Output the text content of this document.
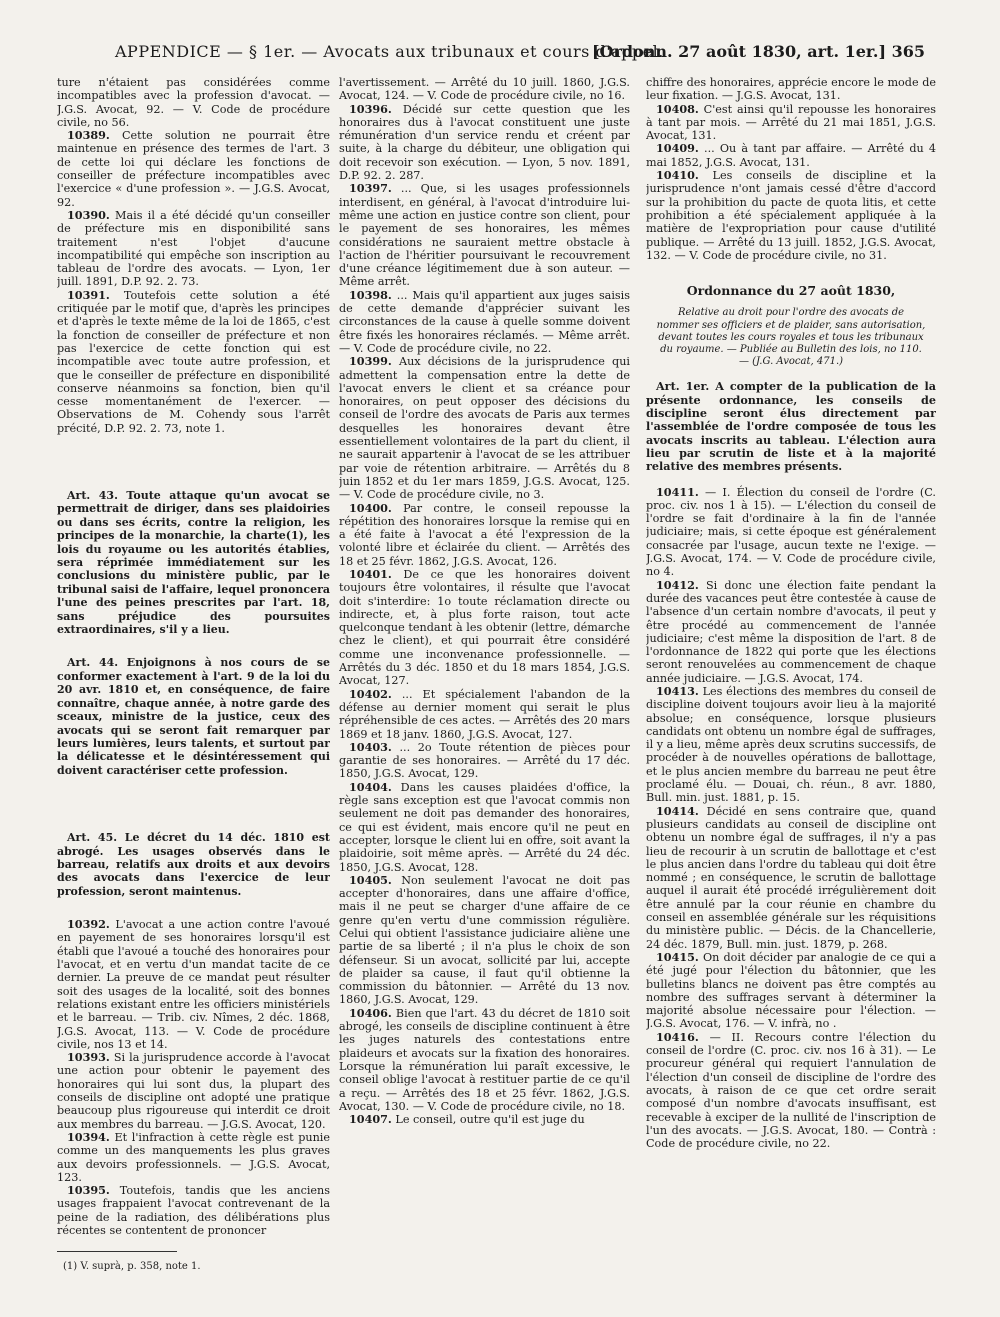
APPENDICE — § 1er. — Avocats aux tribunaux et cours d'appel.
[Ordonn. 27 août 1830, art. 1er.] 365

ture n'étaient pas considérées comme incompatibles avec la profession d'avocat. — J.G.S. Avocat, 92. — V. Code de procédure civile, no 56.

10389. Cette solution ne pourrait être maintenue en présence des termes de l'art. 3 de cette loi qui déclare les fonctions de conseiller de préfecture incompatibles avec l'exercice « d'une profession ». — J.G.S. Avocat, 92.

10390. Mais il a été décidé qu'un conseiller de préfecture mis en disponibilité sans traitement n'est l'objet d'aucune incompatibilité qui empêche son inscription au tableau de l'ordre des avocats. — Lyon, 1er juill. 1891, D.P. 92. 2. 73.

10391. Toutefois cette solution a été critiquée par le motif que, d'après les principes et d'après le texte même de la loi de 1865, c'est la fonction de conseiller de préfecture et non pas l'exercice de cette fonction qui est incompatible avec toute autre profession, et que le conseiller de préfecture en disponibilité conserve néanmoins sa fonction, bien qu'il cesse momentanément de l'exercer. — Observations de M. Cohendy sous l'arrêt précité, D.P. 92. 2. 73, note 1.

Art. 43. Toute attaque qu'un avocat se permettrait de diriger, dans ses plaidoiries ou dans ses écrits, contre la religion, les principes de la monarchie, la charte(1), les lois du royaume ou les autorités établies, sera réprimée immédiatement sur les conclusions du ministère public, par le tribunal saisi de l'affaire, lequel prononcera l'une des peines prescrites par l'art. 18, sans préjudice des poursuites extraordinaires, s'il y a lieu.

Art. 44. Enjoignons à nos cours de se conformer exactement à l'art. 9 de la loi du 20 avr. 1810 et, en conséquence, de faire connaître, chaque année, à notre garde des sceaux, ministre de la justice, ceux des avocats qui se seront fait remarquer par leurs lumières, leurs talents, et surtout par la délicatesse et le désintéressement qui doivent caractériser cette profession.

Art. 45. Le décret du 14 déc. 1810 est abrogé. Les usages observés dans le barreau, relatifs aux droits et aux devoirs des avocats dans l'exercice de leur profession, seront maintenus.

10392. L'avocat a une action contre l'avoué en payement de ses honoraires lorsqu'il est établi que l'avoué a touché des honoraires pour l'avocat, et en vertu d'un mandat tacite de ce dernier. La preuve de ce mandat peut résulter soit des usages de la localité, soit des bonnes relations existant entre les officiers ministériels et le barreau. — Trib. civ. Nîmes, 2 déc. 1868, J.G.S. Avocat, 113. — V. Code de procédure civile, nos 13 et 14.

10393. Si la jurisprudence accorde à l'avocat une action pour obtenir le payement des honoraires qui lui sont dus, la plupart des conseils de discipline ont adopté une pratique beaucoup plus rigoureuse qui interdit ce droit aux membres du barreau. — J.G.S. Avocat, 120.

10394. Et l'infraction à cette règle est punie comme un des manquements les plus graves aux devoirs professionnels. — J.G.S. Avocat, 123.

10395. Toutefois, tandis que les anciens usages frappaient l'avocat contrevenant de la peine de la radiation, des délibérations plus récentes se contentent de prononcer

(1) V. suprà, p. 358, note 1.

l'avertissement. — Arrêté du 10 juill. 1860, J.G.S. Avocat, 124. — V. Code de procédure civile, no 16.

10396. Décidé sur cette question que les honoraires dus à l'avocat constituent une juste rémunération d'un service rendu et créent par suite, à la charge du débiteur, une obligation qui doit recevoir son exécution. — Lyon, 5 nov. 1891, D.P. 92. 2. 287.

10397. ... Que, si les usages professionnels interdisent, en général, à l'avocat d'introduire lui-même une action en justice contre son client, pour le payement de ses honoraires, les mêmes considérations ne sauraient mettre obstacle à l'action de l'héritier poursuivant le recouvrement d'une créance légitimement due à son auteur. — Même arrêt.

10398. ... Mais qu'il appartient aux juges saisis de cette demande d'apprécier suivant les circonstances de la cause à quelle somme doivent être fixés les honoraires réclamés. — Même arrêt. — V. Code de procédure civile, no 22.

10399. Aux décisions de la jurisprudence qui admettent la compensation entre la dette de l'avocat envers le client et sa créance pour honoraires, on peut opposer des décisions du conseil de l'ordre des avocats de Paris aux termes desquelles les honoraires devant être essentiellement volontaires de la part du client, il ne saurait appartenir à l'avocat de se les attribuer par voie de rétention arbitraire. — Arrêtés du 8 juin 1852 et du 1er mars 1859, J.G.S. Avocat, 125. — V. Code de procédure civile, no 3.

10400. Par contre, le conseil repousse la répétition des honoraires lorsque la remise qui en a été faite à l'avocat a été l'expression de la volonté libre et éclairée du client. — Arrêtés des 18 et 25 févr. 1862, J.G.S. Avocat, 126.

10401. De ce que les honoraires doivent toujours être volontaires, il résulte que l'avocat doit s'interdire: 1o toute réclamation directe ou indirecte, et, à plus forte raison, tout acte quelconque tendant à les obtenir (lettre, démarche chez le client), et qui pourrait être considéré comme une inconvenance professionnelle. — Arrêtés du 3 déc. 1850 et du 18 mars 1854, J.G.S. Avocat, 127.

10402. ... Et spécialement l'abandon de la défense au dernier moment qui serait le plus répréhensible de ces actes. — Arrêtés des 20 mars 1869 et 18 janv. 1860, J.G.S. Avocat, 127.

10403. ... 2o Toute rétention de pièces pour garantie de ses honoraires. — Arrêté du 17 déc. 1850, J.G.S. Avocat, 129.

10404. Dans les causes plaidées d'office, la règle sans exception est que l'avocat commis non seulement ne doit pas demander des honoraires, ce qui est évident, mais encore qu'il ne peut en accepter, lorsque le client lui en offre, soit avant la plaidoirie, soit même après. — Arrêté du 24 déc. 1850, J.G.S. Avocat, 128.

10405. Non seulement l'avocat ne doit pas accepter d'honoraires, dans une affaire d'office, mais il ne peut se charger d'une affaire de ce genre qu'en vertu d'une commission régulière. Celui qui obtient l'assistance judiciaire aliène une partie de sa liberté ; il n'a plus le choix de son défenseur. Si un avocat, sollicité par lui, accepte de plaider sa cause, il faut qu'il obtienne la commission du bâtonnier. — Arrêté du 13 nov. 1860, J.G.S. Avocat, 129.

10406. Bien que l'art. 43 du décret de 1810 soit abrogé, les conseils de discipline continuent à être les juges naturels des contestations entre plaideurs et avocats sur la fixation des honoraires. Lorsque la rémunération lui paraît excessive, le conseil oblige l'avocat à restituer partie de ce qu'il a reçu. — Arrêtés des 18 et 25 févr. 1862, J.G.S. Avocat, 130. — V. Code de procédure civile, no 18.

10407. Le conseil, outre qu'il est juge du

chiffre des honoraires, apprécie encore le mode de leur fixation. — J.G.S. Avocat, 131.

10408. C'est ainsi qu'il repousse les honoraires à tant par mois. — Arrêté du 21 mai 1851, J.G.S. Avocat, 131.

10409. ... Ou à tant par affaire. — Arrêté du 4 mai 1852, J.G.S. Avocat, 131.

10410. Les conseils de discipline et la jurisprudence n'ont jamais cessé d'être d'accord sur la prohibition du pacte de quota litis, et cette prohibition a été spécialement appliquée à la matière de l'expropriation pour cause d'utilité publique. — Arrêté du 13 juill. 1852, J.G.S. Avocat, 132. — V. Code de procédure civile, no 31.

Ordonnance du 27 août 1830,

Relative au droit pour l'ordre des avocats de nommer ses officiers et de plaider, sans autorisation, devant toutes les cours royales et tous les tribunaux du royaume. — Publiée au Bulletin des lois, no 110. — (J.G. Avocat, 471.)

Art. 1er. A compter de la publication de la présente ordonnance, les conseils de discipline seront élus directement par l'assemblée de l'ordre composée de tous les avocats inscrits au tableau. L'élection aura lieu par scrutin de liste et à la majorité relative des membres présents.

10411. — I. Élection du conseil de l'ordre (C. proc. civ. nos 1 à 15). — L'élection du conseil de l'ordre se fait d'ordinaire à la fin de l'année judiciaire; mais, si cette époque est généralement consacrée par l'usage, aucun texte ne l'exige. — J.G.S. Avocat, 174. — V. Code de procédure civile, no 4.

10412. Si donc une élection faite pendant la durée des vacances peut être contestée à cause de l'absence d'un certain nombre d'avocats, il peut y être procédé au commencement de l'année judiciaire; c'est même la disposition de l'art. 8 de l'ordonnance de 1822 qui porte que les élections seront renouvelées au commencement de chaque année judiciaire. — J.G.S. Avocat, 174.

10413. Les élections des membres du conseil de discipline doivent toujours avoir lieu à la majorité absolue; en conséquence, lorsque plusieurs candidats ont obtenu un nombre égal de suffrages, il y a lieu, même après deux scrutins successifs, de procéder à de nouvelles opérations de ballottage, et le plus ancien membre du barreau ne peut être proclamé élu. — Douai, ch. réun., 8 avr. 1880, Bull. min. just. 1881, p. 15.

10414. Décidé en sens contraire que, quand plusieurs candidats au conseil de discipline ont obtenu un nombre égal de suffrages, il n'y a pas lieu de recourir à un scrutin de ballottage et c'est le plus ancien dans l'ordre du tableau qui doit être nommé ; en conséquence, le scrutin de ballottage auquel il aurait été procédé irrégulièrement doit être annulé par la cour réunie en chambre du conseil en assemblée générale sur les réquisitions du ministère public. — Décis. de la Chancellerie, 24 déc. 1879, Bull. min. just. 1879, p. 268.

10415. On doit décider par analogie de ce qui a été jugé pour l'élection du bâtonnier, que les bulletins blancs ne doivent pas être comptés au nombre des suffrages servant à déterminer la majorité absolue nécessaire pour l'élection. — J.G.S. Avocat, 176. — V. infrà, no .

10416. — II. Recours contre l'élection du conseil de l'ordre (C. proc. civ. nos 16 à 31). — Le procureur général qui requiert l'annulation de l'élection d'un conseil de discipline de l'ordre des avocats, à raison de ce que cet ordre serait composé d'un nombre d'avocats insuffisant, est recevable à exciper de la nullité de l'inscription de l'un des avocats. — J.G.S. Avocat, 180. — Contrà : Code de procédure civile, no 22.
